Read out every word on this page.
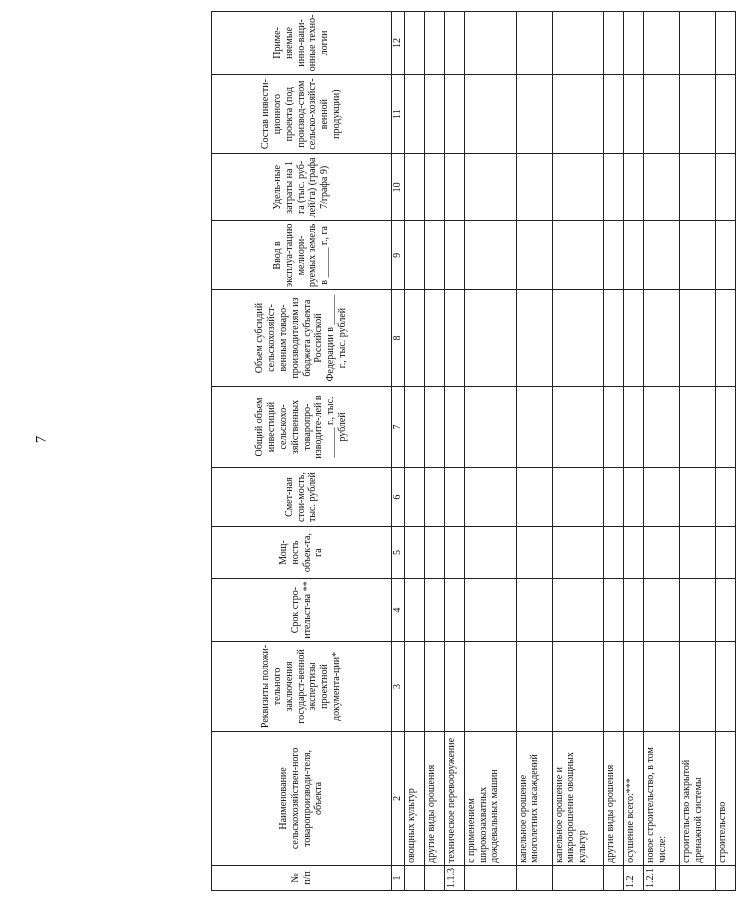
7
№ п/п	Наименование сельскохозяйствен-ного товаропроизводи-теля, объекта	Реквизиты положи-тельного заключения государст-венной экспертизы проектной документа-ции*	Срок стро-ительст-ва **	Мощ-ность объек-та, га	Смет-ная стои-мость, тыс. рублей	Общий объем инвестиций сельскохо-зяйственных товаропро-изводите-лей в ______ г., тыс. рублей	Объем субсидий сельскохозяйст-венным товаро-производителям из бюджета субъекта Российской Федерации в ______ г., тыс. рублей	Ввод в эксплуа-тацию мелиори-руемых земель в ______ г., га	Удель-ные затраты на 1 га (тыс. руб-лей/га) (графа 7/графа 9)	Состав инвести-ционного проекта (под производ-ством сельско-хозяйст-венной продукции)	Приме-няемые инно-ваци-онные техно-логии
1	2	3	4	5	6	7	8	9	10	11	12
	овощных культур										
	другие виды орошения										
1.1.3	техническое перевооружение										
	с применением широкозахватных дождевальных машин										
	капельное орошение многолетних насаждений										
	капельное орошение и микроорошение овощных культур										
	другие виды орошения										
1.2	осушение всего:***										
1.2.1	новое строительство, в том числе:										
	строительство закрытой дренажной системы										
	строительство										
